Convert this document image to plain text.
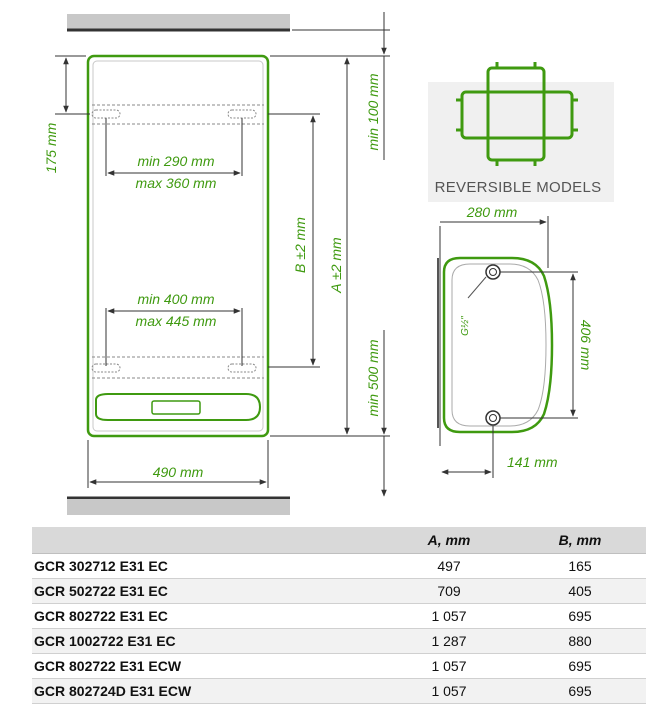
175 mm	min 100 mm
min 290 mm
max 360 mm
B ±2 mm A ±2 mm
min 400 mm
max 445 mm
min 500 mm
490 mm
REVERSIBLE MODELS
G½"
280 mm
406 mm
141 mm
	A, mm	B, mm
GCR 302712 E31 EC	497	165
GCR 502722 E31 EC	709	405
GCR 802722 E31 EC	1 057	695
GCR 1002722 E31 EC	1 287	880
GCR 802722 E31 ECW	1 057	695
GCR 802724D E31 ECW	1 057	695
